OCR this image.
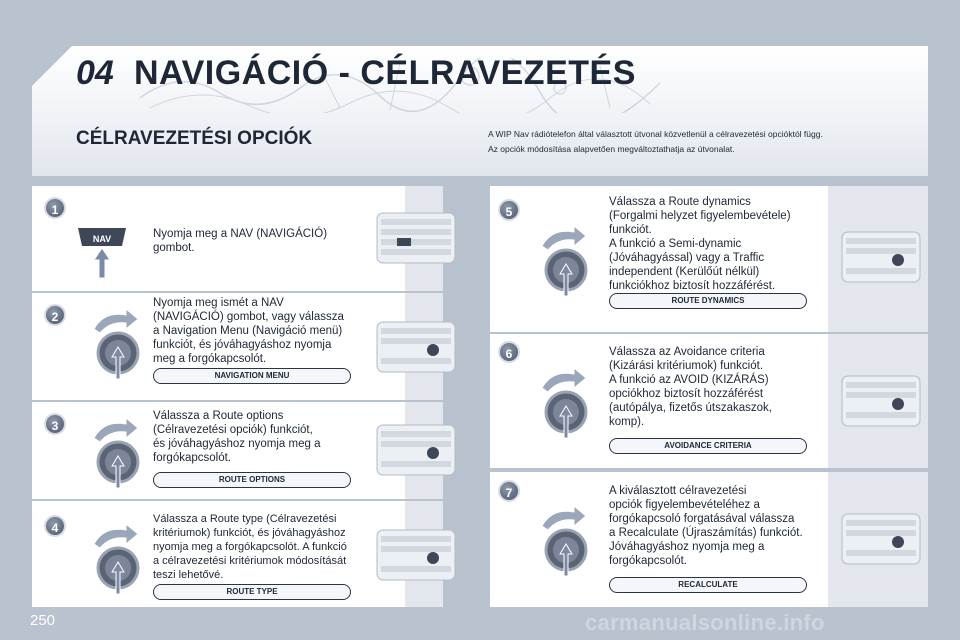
04 NAVIGÁCIÓ - CÉLRAVEZETÉS
CÉLRAVEZETÉSI OPCIÓK	A WIP Nav rádiótelefon által választott útvonal közvetlenül a célravezetési opcióktól függ.
Az opciók módosítása alapvetően megváltoztathatja az útvonalat.
1
NAV	Nyomja meg a NAV (NAVIGÁCIÓ)
gombot.
2
Nyomja meg ismét a NAV
(NAVIGÁCIÓ) gombot, vagy válassza
a Navigation Menu (Navigáció menü)
funkciót, és jóváhagyáshoz nyomja
meg a forgókapcsolót.
NAVIGATION MENU
3
Válassza a Route options
(Célravezetési opciók) funkciót,
és jóváhagyáshoz nyomja meg a
forgókapcsolót.
ROUTE OPTIONS
4
Válassza a Route type (Célravezetési
kritériumok) funkciót, és jóváhagyáshoz
nyomja meg a forgókapcsolót. A funkció
a célravezetési kritériumok módosítását
teszi lehetővé.
ROUTE TYPE
5
Válassza a Route dynamics
(Forgalmi helyzet figyelembevétele)
funkciót.
A funkció a Semi-dynamic
(Jóváhagyással) vagy a Traffic
independent (Kerülőút nélkül)
funkciókhoz biztosít hozzáférést.
ROUTE DYNAMICS
6	Válassza az Avoidance criteria
(Kizárási kritériumok) funkciót.
A funkció az AVOID (KIZÁRÁS)
opciókhoz biztosít hozzáférést
(autópálya, fizetős útszakaszok,
komp).
AVOIDANCE CRITERIA
7	A kiválasztott célravezetési
opciók figyelembevételéhez a
forgókapcsoló forgatásával válassza
a Recalculate (Újraszámítás) funkciót.
Jóváhagyáshoz nyomja meg a
forgókapcsolót.
RECALCULATE
250	carmanualsonline.info
